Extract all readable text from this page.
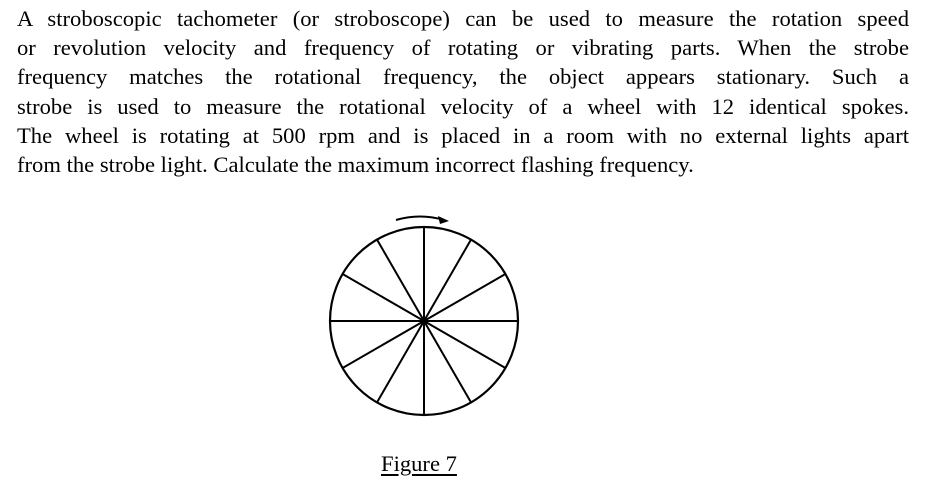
A stroboscopic tachometer (or stroboscope) can be used to measure the rotation speed
or revolution velocity and frequency of rotating or vibrating parts. When the strobe
frequency matches the rotational frequency, the object appears stationary. Such a
strobe is used to measure the rotational velocity of a wheel with 12 identical spokes.
The wheel is rotating at 500 rpm and is placed in a room with no external lights apart
from the strobe light. Calculate the maximum incorrect flashing frequency.
Figure 7
